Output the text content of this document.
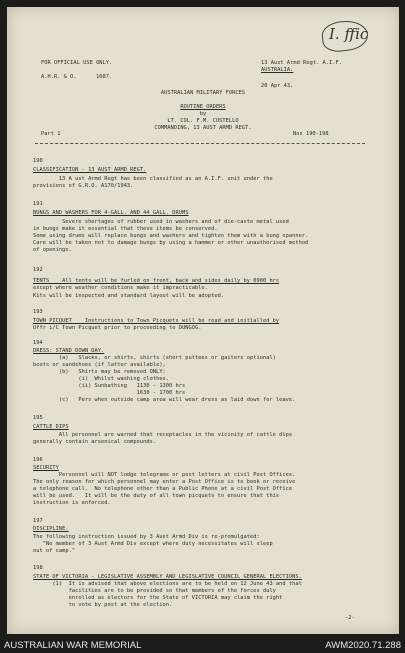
I. ffic
FOR OFFICIAL USE ONLY.
A.H.R. & O.      1687.
13 Aust Armd Regt. A.I.F.
AUSTRALIA.
20 Apr 43.
AUSTRALIAN MILITARY FORCES
ROUTINE ORDERS
by
LT. COL. F.M. COSTELLO
COMMANDING, 13 AUST ARMD REGT.
Part 1	Nos 190-198
190
CLASSIFICATION - 13 AUST ARMD REGT.
13 A ust Armd Regt has been classified as an A.I.F. unit under the
provisions of G.R.O. A170/1943.
191
BUNGS AND WASHERS FOR 4-GALL. AND 44 GALL. DRUMS
Severe shortages of rubber used in washers and of die-caste metal used
in bungs make it essential that these items be conserved.
Some using drums will replace bungs and washers and tighten them with a bung spanner.
Care will be taken not to damage bungs by using a hammer or other unauthorised method
of openings.
192
TENTS    All tents will be furled on front, back and sides daily by 0900 hrs
except where weather conditions make it impracticable.
Kits will be inspected and standard layout will be adopted.
193
TOWN PICQUET    Instructions to Town Picquets will be read and initialled by
Offr i/C Town Picquet prior to proceeding to DUNGOG.
194
DRESS: STAND DOWN DAY.
(a)   Slacks, or shirts, shirts (short puttees or gaiters optional)
boots or sandshoes (if latter available),
(b)   Shirts may be removed ONLY:
(i)  Whilst washing clothes.
(ii) Sunbathing   1130 - 1300 hrs
1630 - 1700 hrs
(c)   Pers when outside camp area will wear dress as laid down for leave.
195
CATTLE DIPS
All personnel are warned that receptacles in the vicinity of cattle dips
generally contain arsenical compounds.
196
SECURITY
Personnel will NOT lodge telegrams or post letters at civil Post Offices.
The only reason for which personnel may enter a Post Office is to book or receive
a telephone call.  No telephone other than a Public Phone at a civil Post Office
will be used.   It will be the duty of all town picquets to ensure that this
instruction is enforced.
197
DISCIPLINE.
The following instruction issued by 3 Aust Armd Div is re-promulgated:
"No member of 3 Aust Armd Div except where duty necessitates will sleep
out of camp."
198
STATE OF VICTORIA - LEGISLATIVE ASSEMBLY AND LEGISLATIVE COUNCIL GENERAL ELECTIONS.
(1)  It is advised that above elections are to be held on 12 June 43 and that
facilities are to be provided so that members of the forces duly
enrolled as electors for the State of VICTORIA may claim the right
to vote by post at the election.
-2-
AUSTRALIAN WAR MEMORIAL	AWM2020.71.288
